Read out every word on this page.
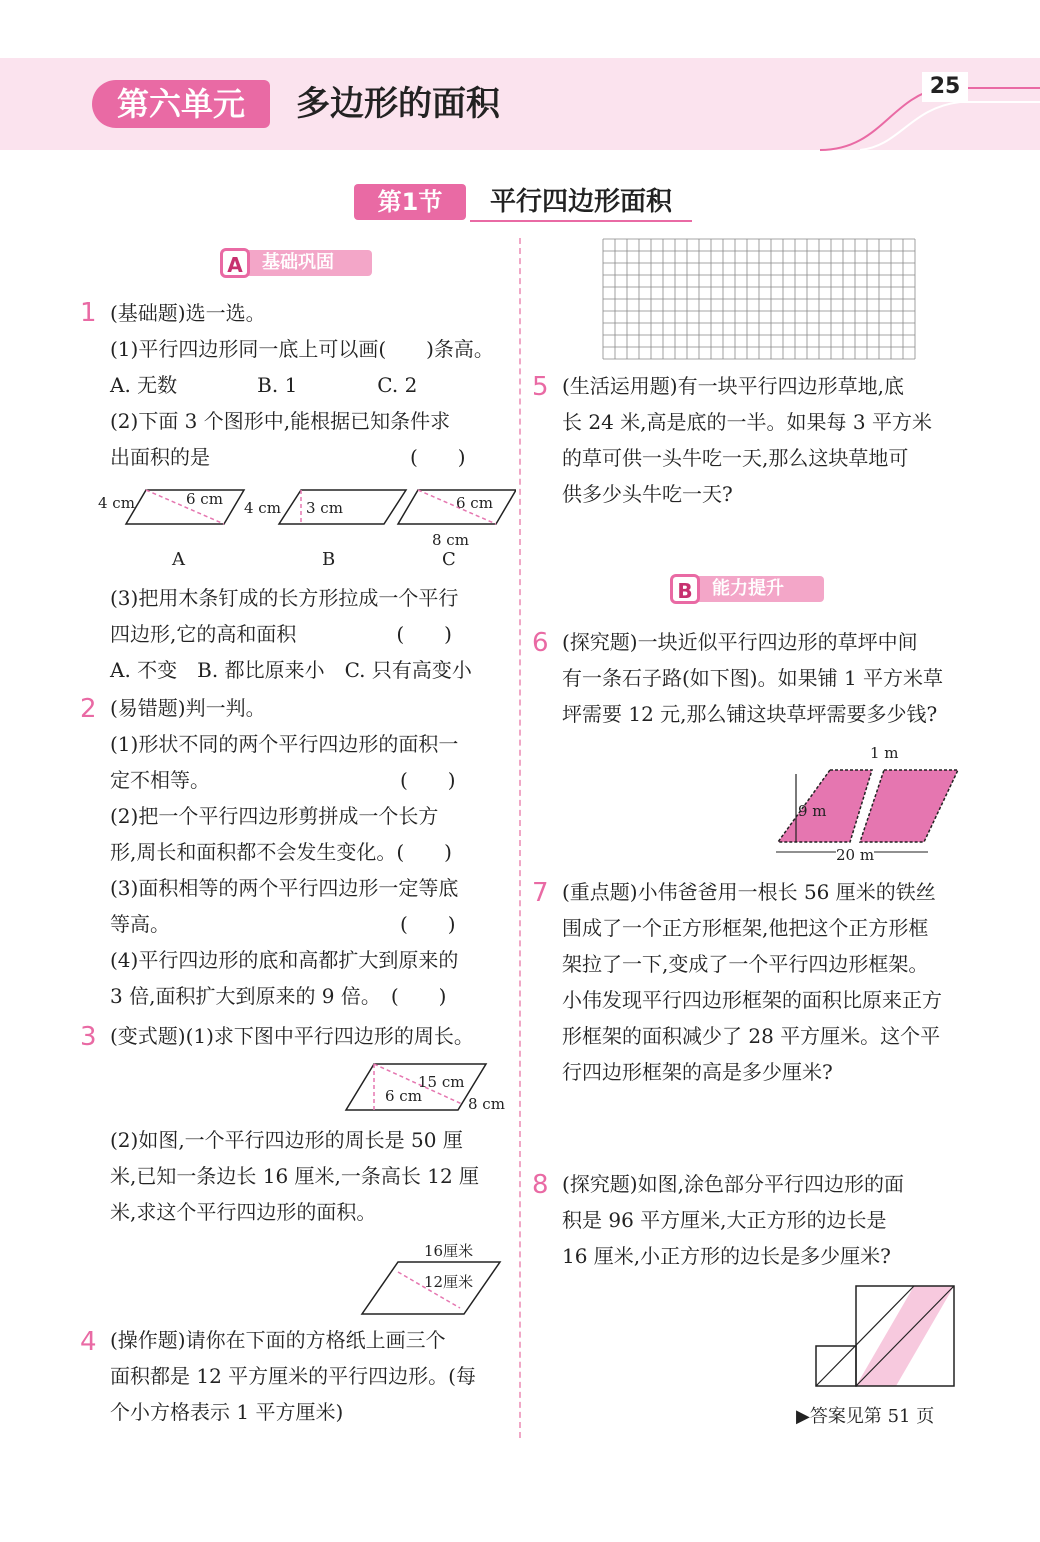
第六单元	多边形的面积	25
第1节	平行四边形面积
A	基础巩固
1 (基础题)选一选。
(1)平行四边形同一底上可以画(　　)条高。
A. 无数　　　　B. 1　　　　C. 2
(2)下面 3 个图形中,能根据已知条件求
出面积的是　　　　　　　　　　(　　)
4 cm	6 cm 4 cm 3 cm	6 cm
8 cm
A	B	C
(3)把用木条钉成的长方形拉成一个平行
四边形,它的高和面积　　　　　(　　)
A. 不变　B. 都比原来小　C. 只有高变小
2 (易错题)判一判。
(1)形状不同的两个平行四边形的面积一
定不相等。　　　　　　　　　　(　　)
(2)把一个平行四边形剪拼成一个长方
形,周长和面积都不会发生变化。(　　)
(3)面积相等的两个平行四边形一定等底
等高。　　　　　　　　　　　　(　　)
(4)平行四边形的底和高都扩大到原来的
3 倍,面积扩大到原来的 9 倍。　(　　)
3 (变式题)(1)求下图中平行四边形的周长。
15 cm
6 cm	8 cm
(2)如图,一个平行四边形的周长是 50 厘
米,已知一条边长 16 厘米,一条高长 12 厘
米,求这个平行四边形的面积。
16厘米
12厘米
4 (操作题)请你在下面的方格纸上画三个
面积都是 12 平方厘米的平行四边形。(每
个小方格表示 1 平方厘米)
5 (生活运用题)有一块平行四边形草地,底
长 24 米,高是底的一半。如果每 3 平方米
的草可供一头牛吃一天,那么这块草地可
供多少头牛吃一天?
B	能力提升
6 (探究题)一块近似平行四边形的草坪中间
有一条石子路(如下图)。如果铺 1 平方米草
坪需要 12 元,那么铺这块草坪需要多少钱?
1 m
9 m
20 m
7 (重点题)小伟爸爸用一根长 56 厘米的铁丝
围成了一个正方形框架,他把这个正方形框
架拉了一下,变成了一个平行四边形框架。
小伟发现平行四边形框架的面积比原来正方
形框架的面积减少了 28 平方厘米。这个平
行四边形框架的高是多少厘米?
8 (探究题)如图,涂色部分平行四边形的面
积是 96 平方厘米,大正方形的边长是
16 厘米,小正方形的边长是多少厘米?
▶答案见第 51 页
